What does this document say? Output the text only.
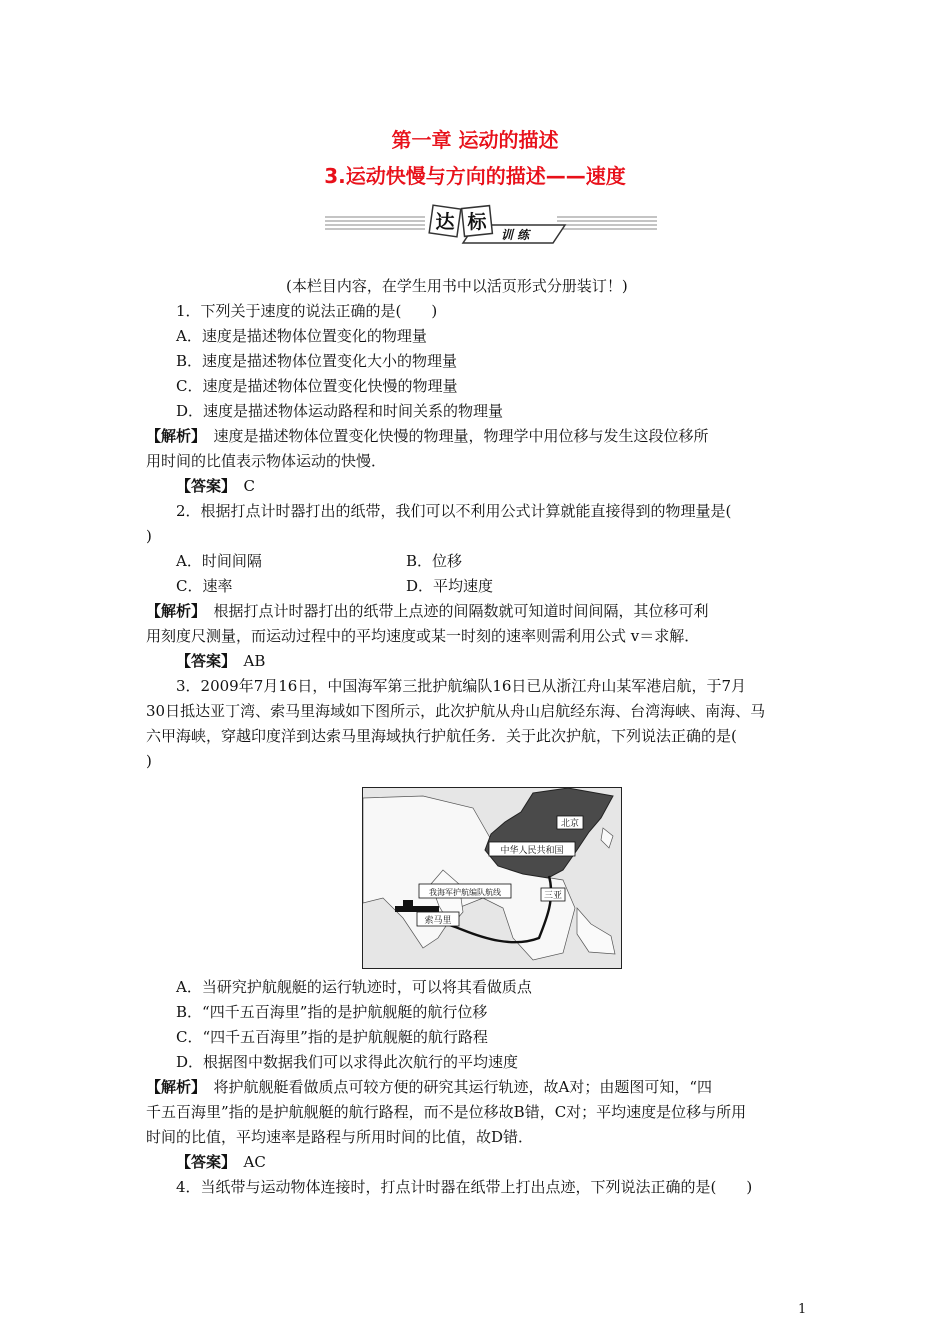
第一章 运动的描述
3.运动快慢与方向的描述——速度
达 标
训 练
(本栏目内容，在学生用书中以活页形式分册装订！)
1．下列关于速度的说法正确的是(　　)
A．速度是描述物体位置变化的物理量
B．速度是描述物体位置变化大小的物理量
C．速度是描述物体位置变化快慢的物理量
D．速度是描述物体运动路程和时间关系的物理量
【解析】　速度是描述物体位置变化快慢的物理量，物理学中用位移与发生这段位移所
用时间的比值表示物体运动的快慢．
【答案】　C
2．根据打点计时器打出的纸带，我们可以不利用公式计算就能直接得到的物理量是(
)
A．时间间隔	B．位移
C．速率	D．平均速度
【解析】　根据打点计时器打出的纸带上点迹的间隔数就可知道时间间隔，其位移可利
用刻度尺测量，而运动过程中的平均速度或某一时刻的速率则需利用公式 v＝求解．
【答案】　AB
3．2009年7月16日，中国海军第三批护航编队16日已从浙江舟山某军港启航，于7月
30日抵达亚丁湾、索马里海域如下图所示，此次护航从舟山启航经东海、台湾海峡、南海、马
六甲海峡，穿越印度洋到达索马里海域执行护航任务．关于此次护航，下列说法正确的是(
)
北京
中华人民共和国
我海军护航编队航线	三亚
索马里
A．当研究护航舰艇的运行轨迹时，可以将其看做质点
B．“四千五百海里”指的是护航舰艇的航行位移
C．“四千五百海里”指的是护航舰艇的航行路程
D．根据图中数据我们可以求得此次航行的平均速度
【解析】　将护航舰艇看做质点可较方便的研究其运行轨迹，故A对；由题图可知，“四
千五百海里”指的是护航舰艇的航行路程，而不是位移故B错，C对；平均速度是位移与所用
时间的比值，平均速率是路程与所用时间的比值，故D错．
【答案】　AC
4．当纸带与运动物体连接时，打点计时器在纸带上打出点迹，下列说法正确的是(　　)
1
